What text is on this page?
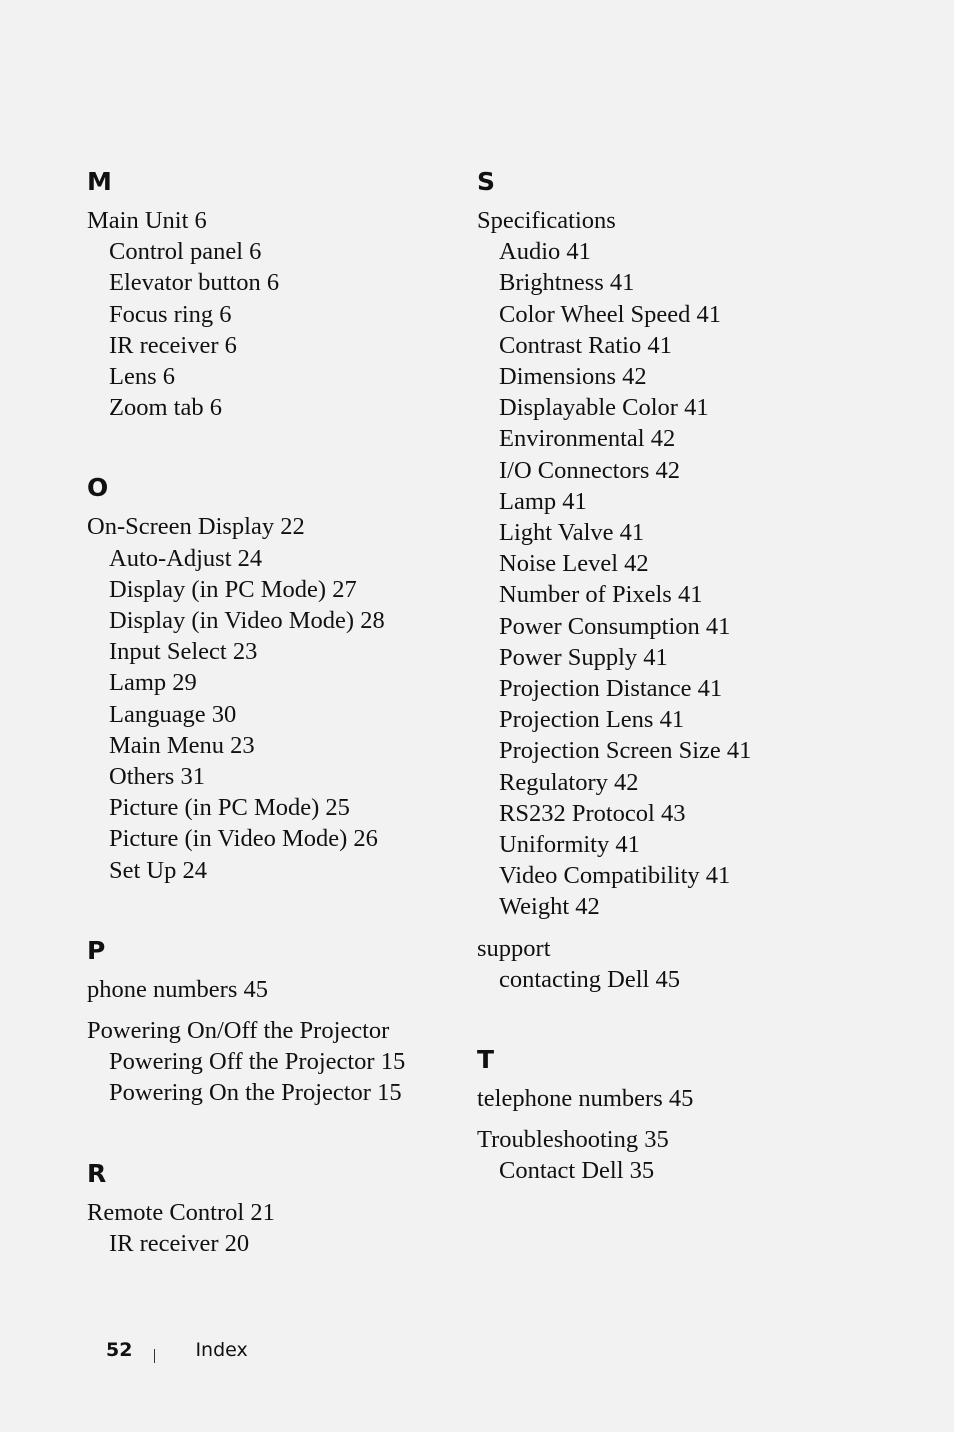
M
Main Unit 6
Control panel 6
Elevator button 6
Focus ring 6
IR receiver 6
Lens 6
Zoom tab 6
O
On-Screen Display 22
Auto-Adjust 24
Display (in PC Mode) 27
Display (in Video Mode) 28
Input Select 23
Lamp 29
Language 30
Main Menu 23
Others 31
Picture (in PC Mode) 25
Picture (in Video Mode) 26
Set Up 24
P
phone numbers 45
Powering On/Off the Projector
Powering Off the Projector 15
Powering On the Projector 15
R
Remote Control 21
IR receiver 20
S
Specifications
Audio 41
Brightness 41
Color Wheel Speed 41
Contrast Ratio 41
Dimensions 42
Displayable Color 41
Environmental 42
I/O Connectors 42
Lamp 41
Light Valve 41
Noise Level 42
Number of Pixels 41
Power Consumption 41
Power Supply 41
Projection Distance 41
Projection Lens 41
Projection Screen Size 41
Regulatory 42
RS232 Protocol 43
Uniformity 41
Video Compatibility 41
Weight 42
support
contacting Dell 45
T
telephone numbers 45
Troubleshooting 35
Contact Dell 35
52	Index
